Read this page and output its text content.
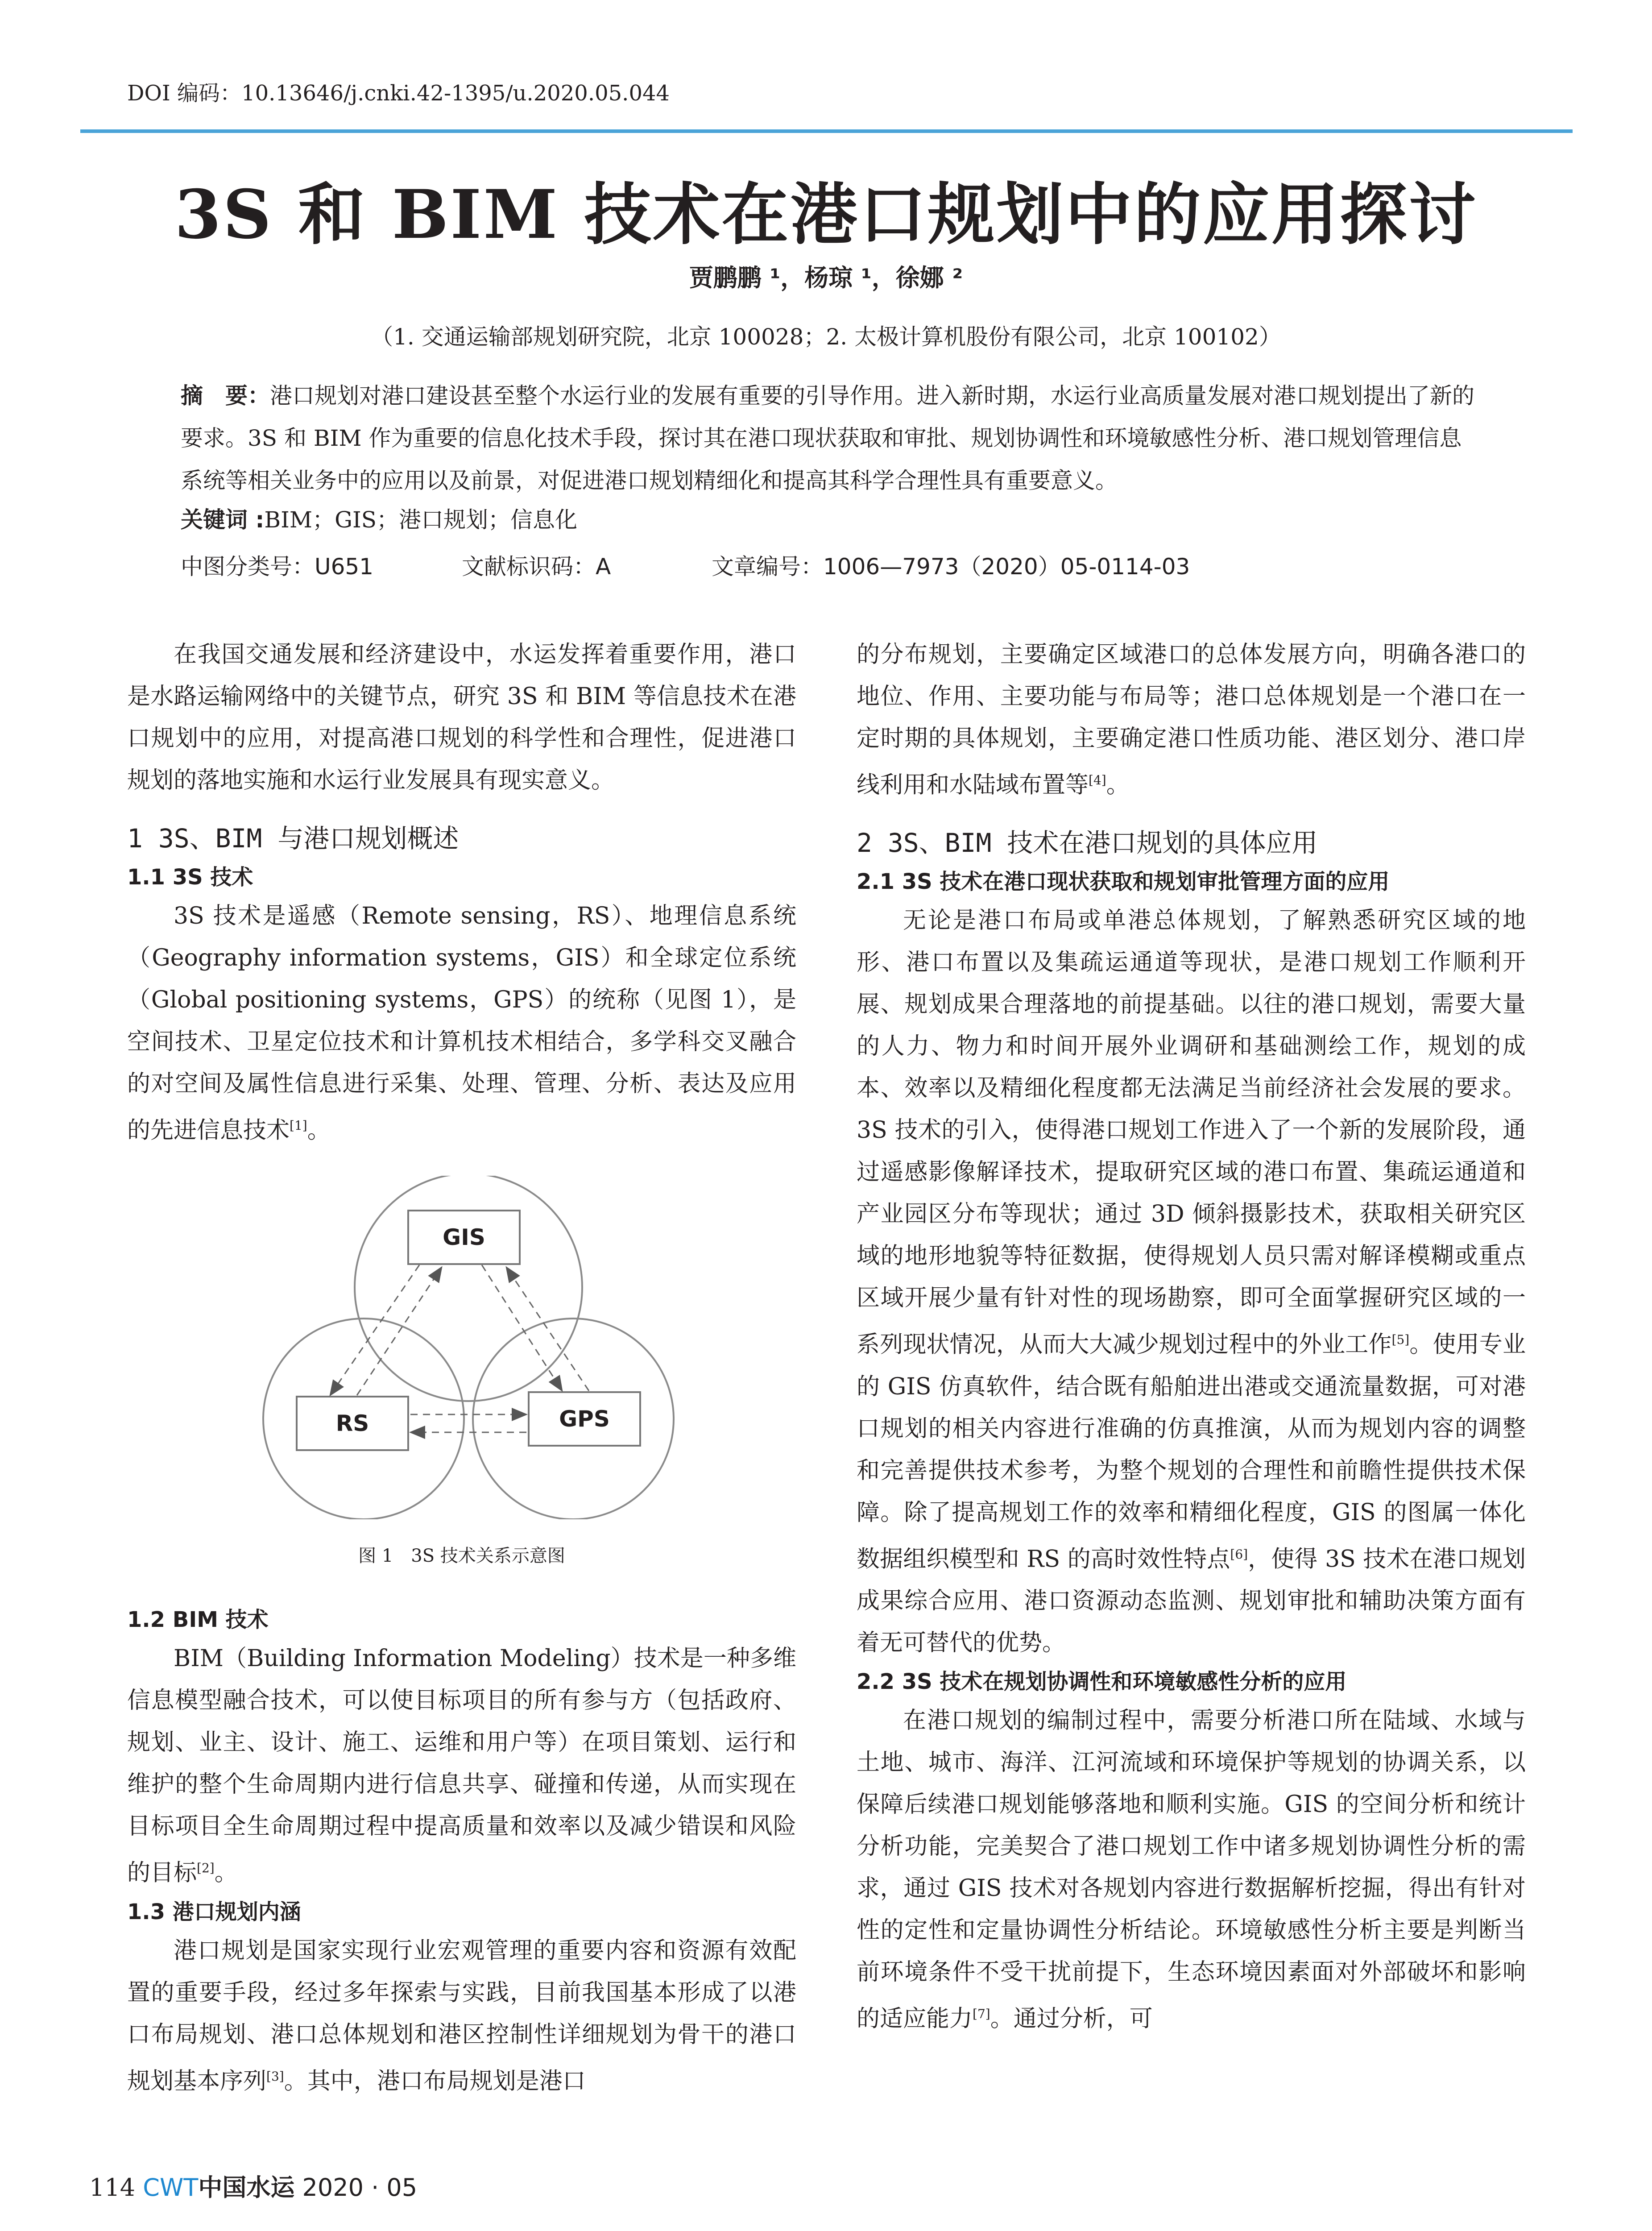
DOI 编码：10.13646/j.cnki.42-1395/u.2020.05.044
3S 和 BIM 技术在港口规划中的应用探讨
贾鹏鹏 ¹，杨琼 ¹，徐娜 ²
（1. 交通运输部规划研究院，北京 100028；2. 太极计算机股份有限公司，北京 100102）
摘　要：港口规划对港口建设甚至整个水运行业的发展有重要的引导作用。进入新时期，水运行业高质量发展对港口规划提出了新的要求。3S 和 BIM 作为重要的信息化技术手段，探讨其在港口现状获取和审批、规划协调性和环境敏感性分析、港口规划管理信息系统等相关业务中的应用以及前景，对促进港口规划精细化和提高其科学合理性具有重要意义。
关键词 :BIM；GIS；港口规划；信息化
中图分类号：U651	文献标识码：A	文章编号：1006—7973（2020）05-0114-03

在我国交通发展和经济建设中，水运发挥着重要作用，港口是水路运输网络中的关键节点，研究 3S 和 BIM 等信息技术在港口规划中的应用，对提高港口规划的科学性和合理性，促进港口规划的落地实施和水运行业发展具有现实意义。

1 3S、BIM 与港口规划概述
1.1 3S 技术

3S 技术是遥感（Remote sensing，RS）、地理信息系统（Geography information systems，GIS）和全球定位系统（Global positioning systems，GPS）的统称（见图 1），是空间技术、卫星定位技术和计算机技术相结合，多学科交叉融合的对空间及属性信息进行采集、处理、管理、分析、表达及应用的先进信息技术[1]。

1.2 BIM 技术

BIM（Building Information Modeling）技术是一种多维信息模型融合技术，可以使目标项目的所有参与方（包括政府、规划、业主、设计、施工、运维和用户等）在项目策划、运行和维护的整个生命周期内进行信息共享、碰撞和传递，从而实现在目标项目全生命周期过程中提高质量和效率以及减少错误和风险的目标[2]。

1.3 港口规划内涵

港口规划是国家实现行业宏观管理的重要内容和资源有效配置的重要手段，经过多年探索与实践，目前我国基本形成了以港口布局规划、港口总体规划和港区控制性详细规划为骨干的港口规划基本序列[3]。其中，港口布局规划是港口

GIS
RS	GPS
图 1　3S 技术关系示意图

的分布规划，主要确定区域港口的总体发展方向，明确各港口的地位、作用、主要功能与布局等；港口总体规划是一个港口在一定时期的具体规划，主要确定港口性质功能、港区划分、港口岸线利用和水陆域布置等[4]。

2 3S、BIM 技术在港口规划的具体应用
2.1 3S 技术在港口现状获取和规划审批管理方面的应用

无论是港口布局或单港总体规划，了解熟悉研究区域的地形、港口布置以及集疏运通道等现状，是港口规划工作顺利开展、规划成果合理落地的前提基础。以往的港口规划，需要大量的人力、物力和时间开展外业调研和基础测绘工作，规划的成本、效率以及精细化程度都无法满足当前经济社会发展的要求。3S 技术的引入，使得港口规划工作进入了一个新的发展阶段，通过遥感影像解译技术，提取研究区域的港口布置、集疏运通道和产业园区分布等现状；通过 3D 倾斜摄影技术，获取相关研究区域的地形地貌等特征数据，使得规划人员只需对解译模糊或重点区域开展少量有针对性的现场勘察，即可全面掌握研究区域的一系列现状情况，从而大大减少规划过程中的外业工作[5]。使用专业的 GIS 仿真软件，结合既有船舶进出港或交通流量数据，可对港口规划的相关内容进行准确的仿真推演，从而为规划内容的调整和完善提供技术参考，为整个规划的合理性和前瞻性提供技术保障。除了提高规划工作的效率和精细化程度，GIS 的图属一体化数据组织模型和 RS 的高时效性特点[6]，使得 3S 技术在港口规划成果综合应用、港口资源动态监测、规划审批和辅助决策方面有着无可替代的优势。

2.2 3S 技术在规划协调性和环境敏感性分析的应用

在港口规划的编制过程中，需要分析港口所在陆域、水域与土地、城市、海洋、江河流域和环境保护等规划的协调关系，以保障后续港口规划能够落地和顺利实施。GIS 的空间分析和统计分析功能，完美契合了港口规划工作中诸多规划协调性分析的需求，通过 GIS 技术对各规划内容进行数据解析挖掘，得出有针对性的定性和定量协调性分析结论。环境敏感性分析主要是判断当前环境条件不受干扰前提下，生态环境因素面对外部破坏和影响的适应能力[7]。通过分析，可

114 CWT中国水运 2020 · 05
